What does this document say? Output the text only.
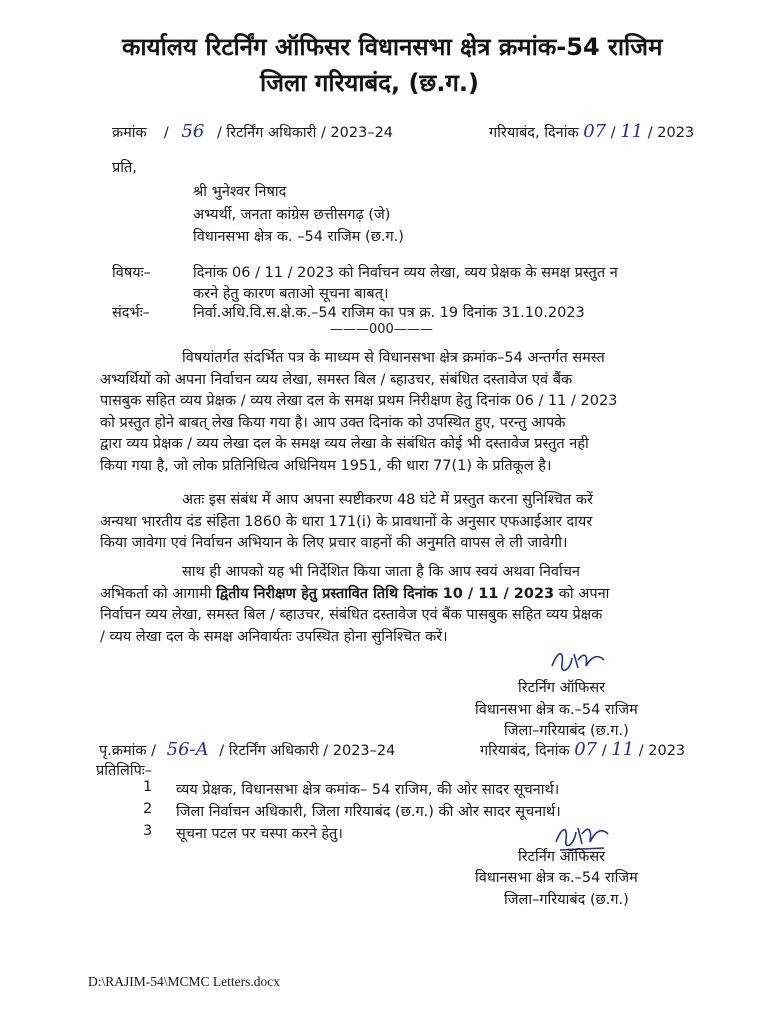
कार्यालय रिटर्निंग ऑफिसर विधानसभा क्षेत्र क्रमांक-54 राजिम
जिला गरियाबंद, (छ.ग.)
क्रमांक / 56 / रिटर्निंग अधिकारी / 2023–24	गरियाबंद, दिनांक 07 / 11 / 2023
प्रति,
श्री भुनेश्वर निषाद
अभ्यर्थी, जनता कांग्रेस छत्तीसगढ़ (जे)
विधानसभा क्षेत्र क. –54 राजिम (छ.ग.)
विषयः–	दिनांक 06 / 11 / 2023 को निर्वाचन व्यय लेखा, व्यय प्रेक्षक के समक्ष प्रस्तुत न
करने हेतु कारण बताओ सूचना बाबत्।
संदर्भः–	निर्वा.अधि.वि.स.क्षे.क.–54 राजिम का पत्र क्र. 19 दिनांक 31.10.2023
———000———
विषयांतर्गत संदर्भित पत्र के माध्यम से विधानसभा क्षेत्र क्रमांक–54 अन्तर्गत समस्त
अभ्यर्थियों को अपना निर्वाचन व्यय लेखा, समस्त बिल / ब्हाउचर, संबंधित दस्तावेज एवं बैंक
पासबुक सहित व्यय प्रेक्षक / व्यय लेखा दल के समक्ष प्रथम निरीक्षण हेतु दिनांक 06 / 11 / 2023
को प्रस्तुत होने बाबत् लेख किया गया है। आप उक्त दिनांक को उपस्थित हुए, परन्तु आपके
द्वारा व्यय प्रेक्षक / व्यय लेखा दल के समक्ष व्यय लेखा के संबंधित कोई भी दस्तावेज प्रस्तुत नही
किया गया है, जो लोक प्रतिनिधित्व अधिनियम 1951, की धारा 77(1) के प्रतिकूल है।
अतः इस संबंध में आप अपना स्पष्टीकरण 48 घंटे में प्रस्तुत करना सुनिश्चित करें
अन्यथा भारतीय दंड संहिता 1860 के धारा 171(i) के प्रावधानों के अनुसार एफआईआर दायर
किया जावेगा एवं निर्वाचन अभियान के लिए प्रचार वाहनों की अनुमति वापस ले ली जावेगी।
साथ ही आपको यह भी निर्देशित किया जाता है कि आप स्वयं अथवा निर्वाचन
अभिकर्ता को आगामी द्वितीय निरीक्षण हेतु प्रस्तावित तिथि दिनांक 10 / 11 / 2023 को अपना
निर्वाचन व्यय लेखा, समस्त बिल / ब्हाउचर, संबंधित दस्तावेज एवं बैंक पासबुक सहित व्यय प्रेक्षक
/ व्यय लेखा दल के समक्ष अनिवार्यतः उपस्थित होना सुनिश्चित करें।
रिटर्निंग ऑफिसर
विधानसभा क्षेत्र क.–54 राजिम
जिला–गरियाबंद (छ.ग.)
पृ.क्रमांक / 56-A / रिटर्निंग अधिकारी / 2023–24	गरियाबंद, दिनांक 07 / 11 / 2023
प्रतिलिपिः–
1 व्यय प्रेक्षक, विधानसभा क्षेत्र कमांक– 54 राजिम, की ओर सादर सूचनार्थ।
2 जिला निर्वाचन अधिकारी, जिला गरियाबंद (छ.ग.) की ओर सादर सूचनार्थ।
3 सूचना पटल पर चस्पा करने हेतु।
रिटर्निंग ऑफिसर
विधानसभा क्षेत्र क.–54 राजिम
जिला–गरियाबंद (छ.ग.)
D:\RAJIM-54\MCMC Letters.docx
